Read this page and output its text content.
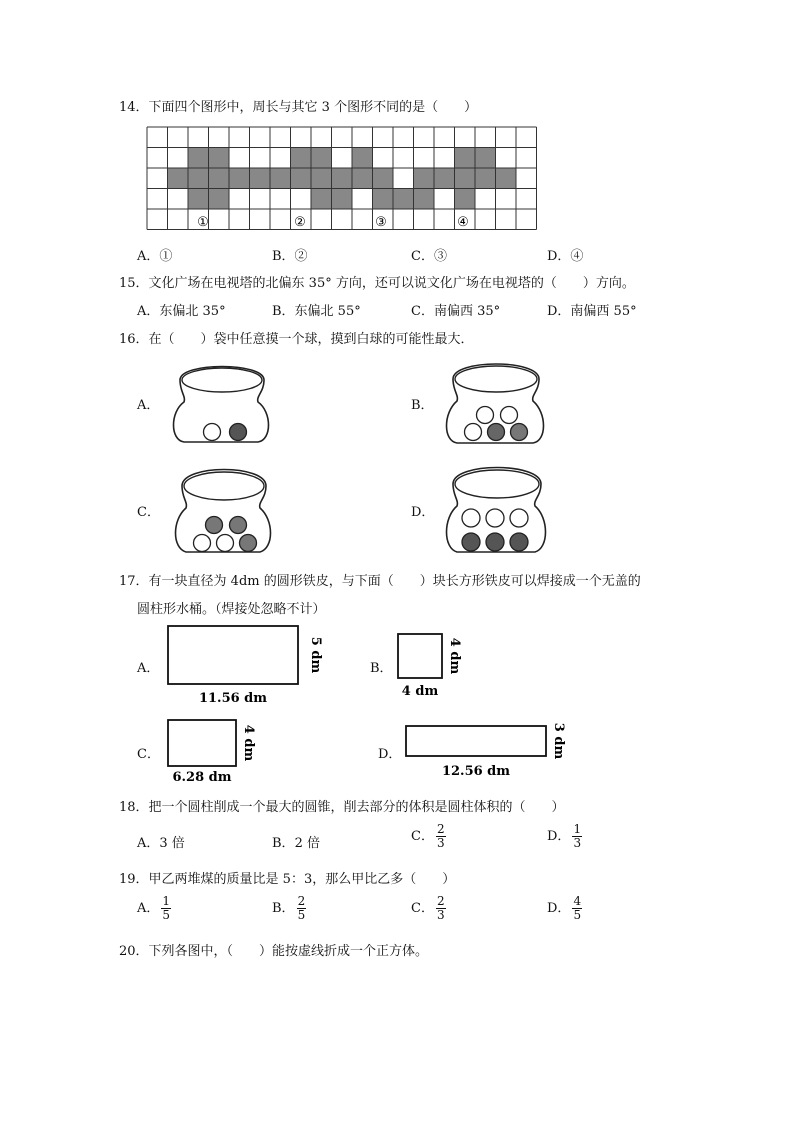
14．下面四个图形中，周长与其它 3 个图形不同的是（　　）
①	②	③	④
A．①	B．②	C．③	D．④
15．文化广场在电视塔的北偏东 35° 方向，还可以说文化广场在电视塔的（　　）方向。
A．东偏北 35°	B．东偏北 55°	C．南偏西 35°	D．南偏西 55°
16．在（　　）袋中任意摸一个球，摸到白球的可能性最大．
A．	B．
C．	D．
17．有一块直径为 4dm 的圆形铁皮，与下面（　　）块长方形铁皮可以焊接成一个无盖的
圆柱形水桶。（焊接处忽略不计）
A．
11.56 dm
5 dm	B．
4 dm
4 dm
C．
6.28 dm
4 dm	D．
12.56 dm
3 dm
18．把一个圆柱削成一个最大的圆锥，削去部分的体积是圆柱体积的（　　）
A．3 倍	B．2 倍	C． $\frac{2}{3}$	D． $\frac{1}{3}$
19．甲乙两堆煤的质量比是 5：3，那么甲比乙多（　　）
A． $\frac{1}{5}$	B． $\frac{2}{5}$	C． $\frac{2}{3}$	D． $\frac{4}{5}$
20．下列各图中，（　　）能按虚线折成一个正方体。
